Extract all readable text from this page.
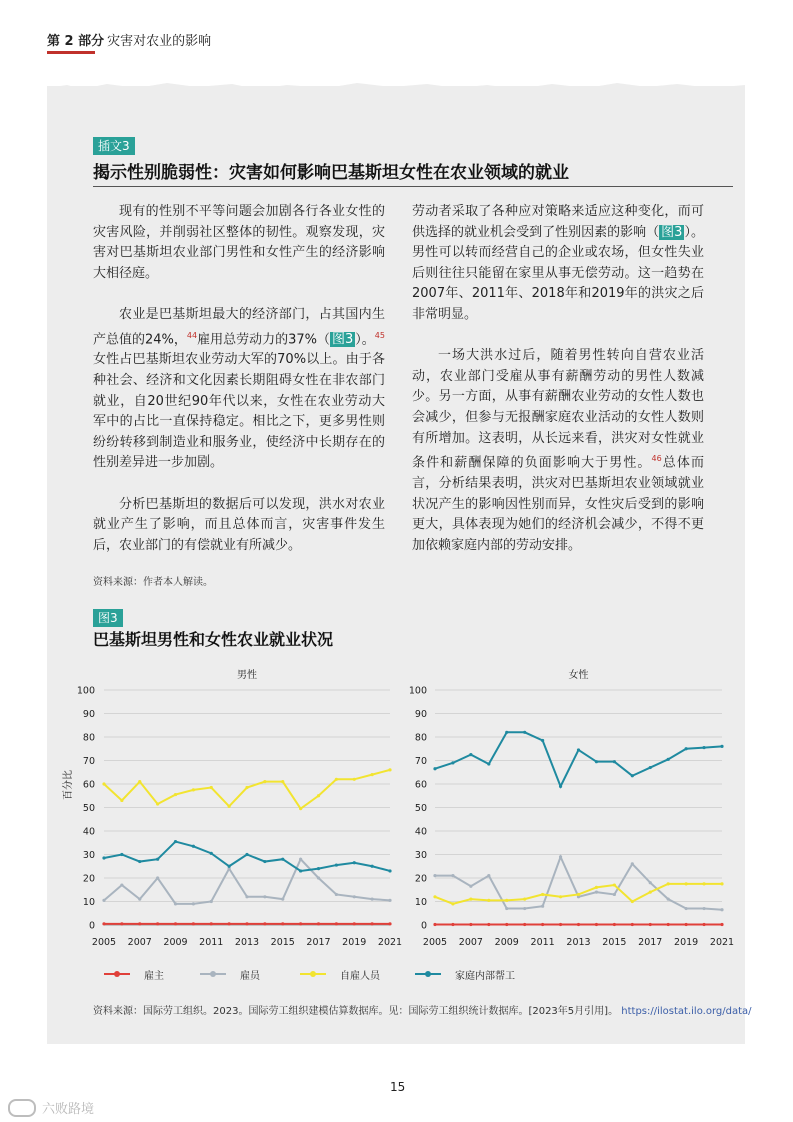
第 2 部分 灾害对农业的影响
插文3
揭示性别脆弱性：灾害如何影响巴基斯坦女性在农业领域的就业

现有的性别不平等问题会加剧各行各业女性的灾害风险，并削弱社区整体的韧性。观察发现，灾害对巴基斯坦农业部门男性和女性产生的经济影响大相径庭。

农业是巴基斯坦最大的经济部门，占其国内生产总值的24%，$^{44}$雇用总劳动力的37%（ 图3 ）。$^{45}$女性占巴基斯坦农业劳动大军的70%以上。由于各种社会、经济和文化因素长期阻碍女性在非农部门就业，自20世纪90年代以来，女性在农业劳动大军中的占比一直保持稳定。相比之下，更多男性则纷纷转移到制造业和服务业，使经济中长期存在的性别差异进一步加剧。

分析巴基斯坦的数据后可以发现，洪水对农业就业产生了影响，而且总体而言，灾害事件发生后，农业部门的有偿就业有所减少。

劳动者采取了各种应对策略来适应这种变化，而可供选择的就业机会受到了性别因素的影响（ 图3 ）。男性可以转而经营自己的企业或农场，但女性失业后则往往只能留在家里从事无偿劳动。这一趋势在2007年、2011年、2018年和2019年的洪灾之后非常明显。

一场大洪水过后，随着男性转向自营农业活动，农业部门受雇从事有薪酬劳动的男性人数减少。另一方面，从事有薪酬农业劳动的女性人数也会减少，但参与无报酬家庭农业活动的女性人数则有所增加。这表明，从长远来看，洪灾对女性就业条件和薪酬保障的负面影响大于男性。$^{46}$总体而言，分析结果表明，洪灾对巴基斯坦农业领域就业状况产生的影响因性别而异，女性灾后受到的影响更大，具体表现为她们的经济机会减少，不得不更加依赖家庭内部的劳动安排。

资料来源：作者本人解读。
图3
巴基斯坦男性和女性农业就业状况
男性
0
10
20
30
40
50
60
70
80
90
100
2005 2007 2009 2011 2013 2015 2017 2019 2021
女性
0
10
20
30
40
50
60
70
80
90
100
2005 2007 2009 2011 2013 2015 2017 2019 2021
百分比
雇主	雇员	自雇人员	家庭内部帮工
资料来源：国际劳工组织。2023。国际劳工组织建模估算数据库。见：国际劳工组织统计数据库。[2023年5月引用]。 https://ilostat.ilo.org/data/
15
六败路境
